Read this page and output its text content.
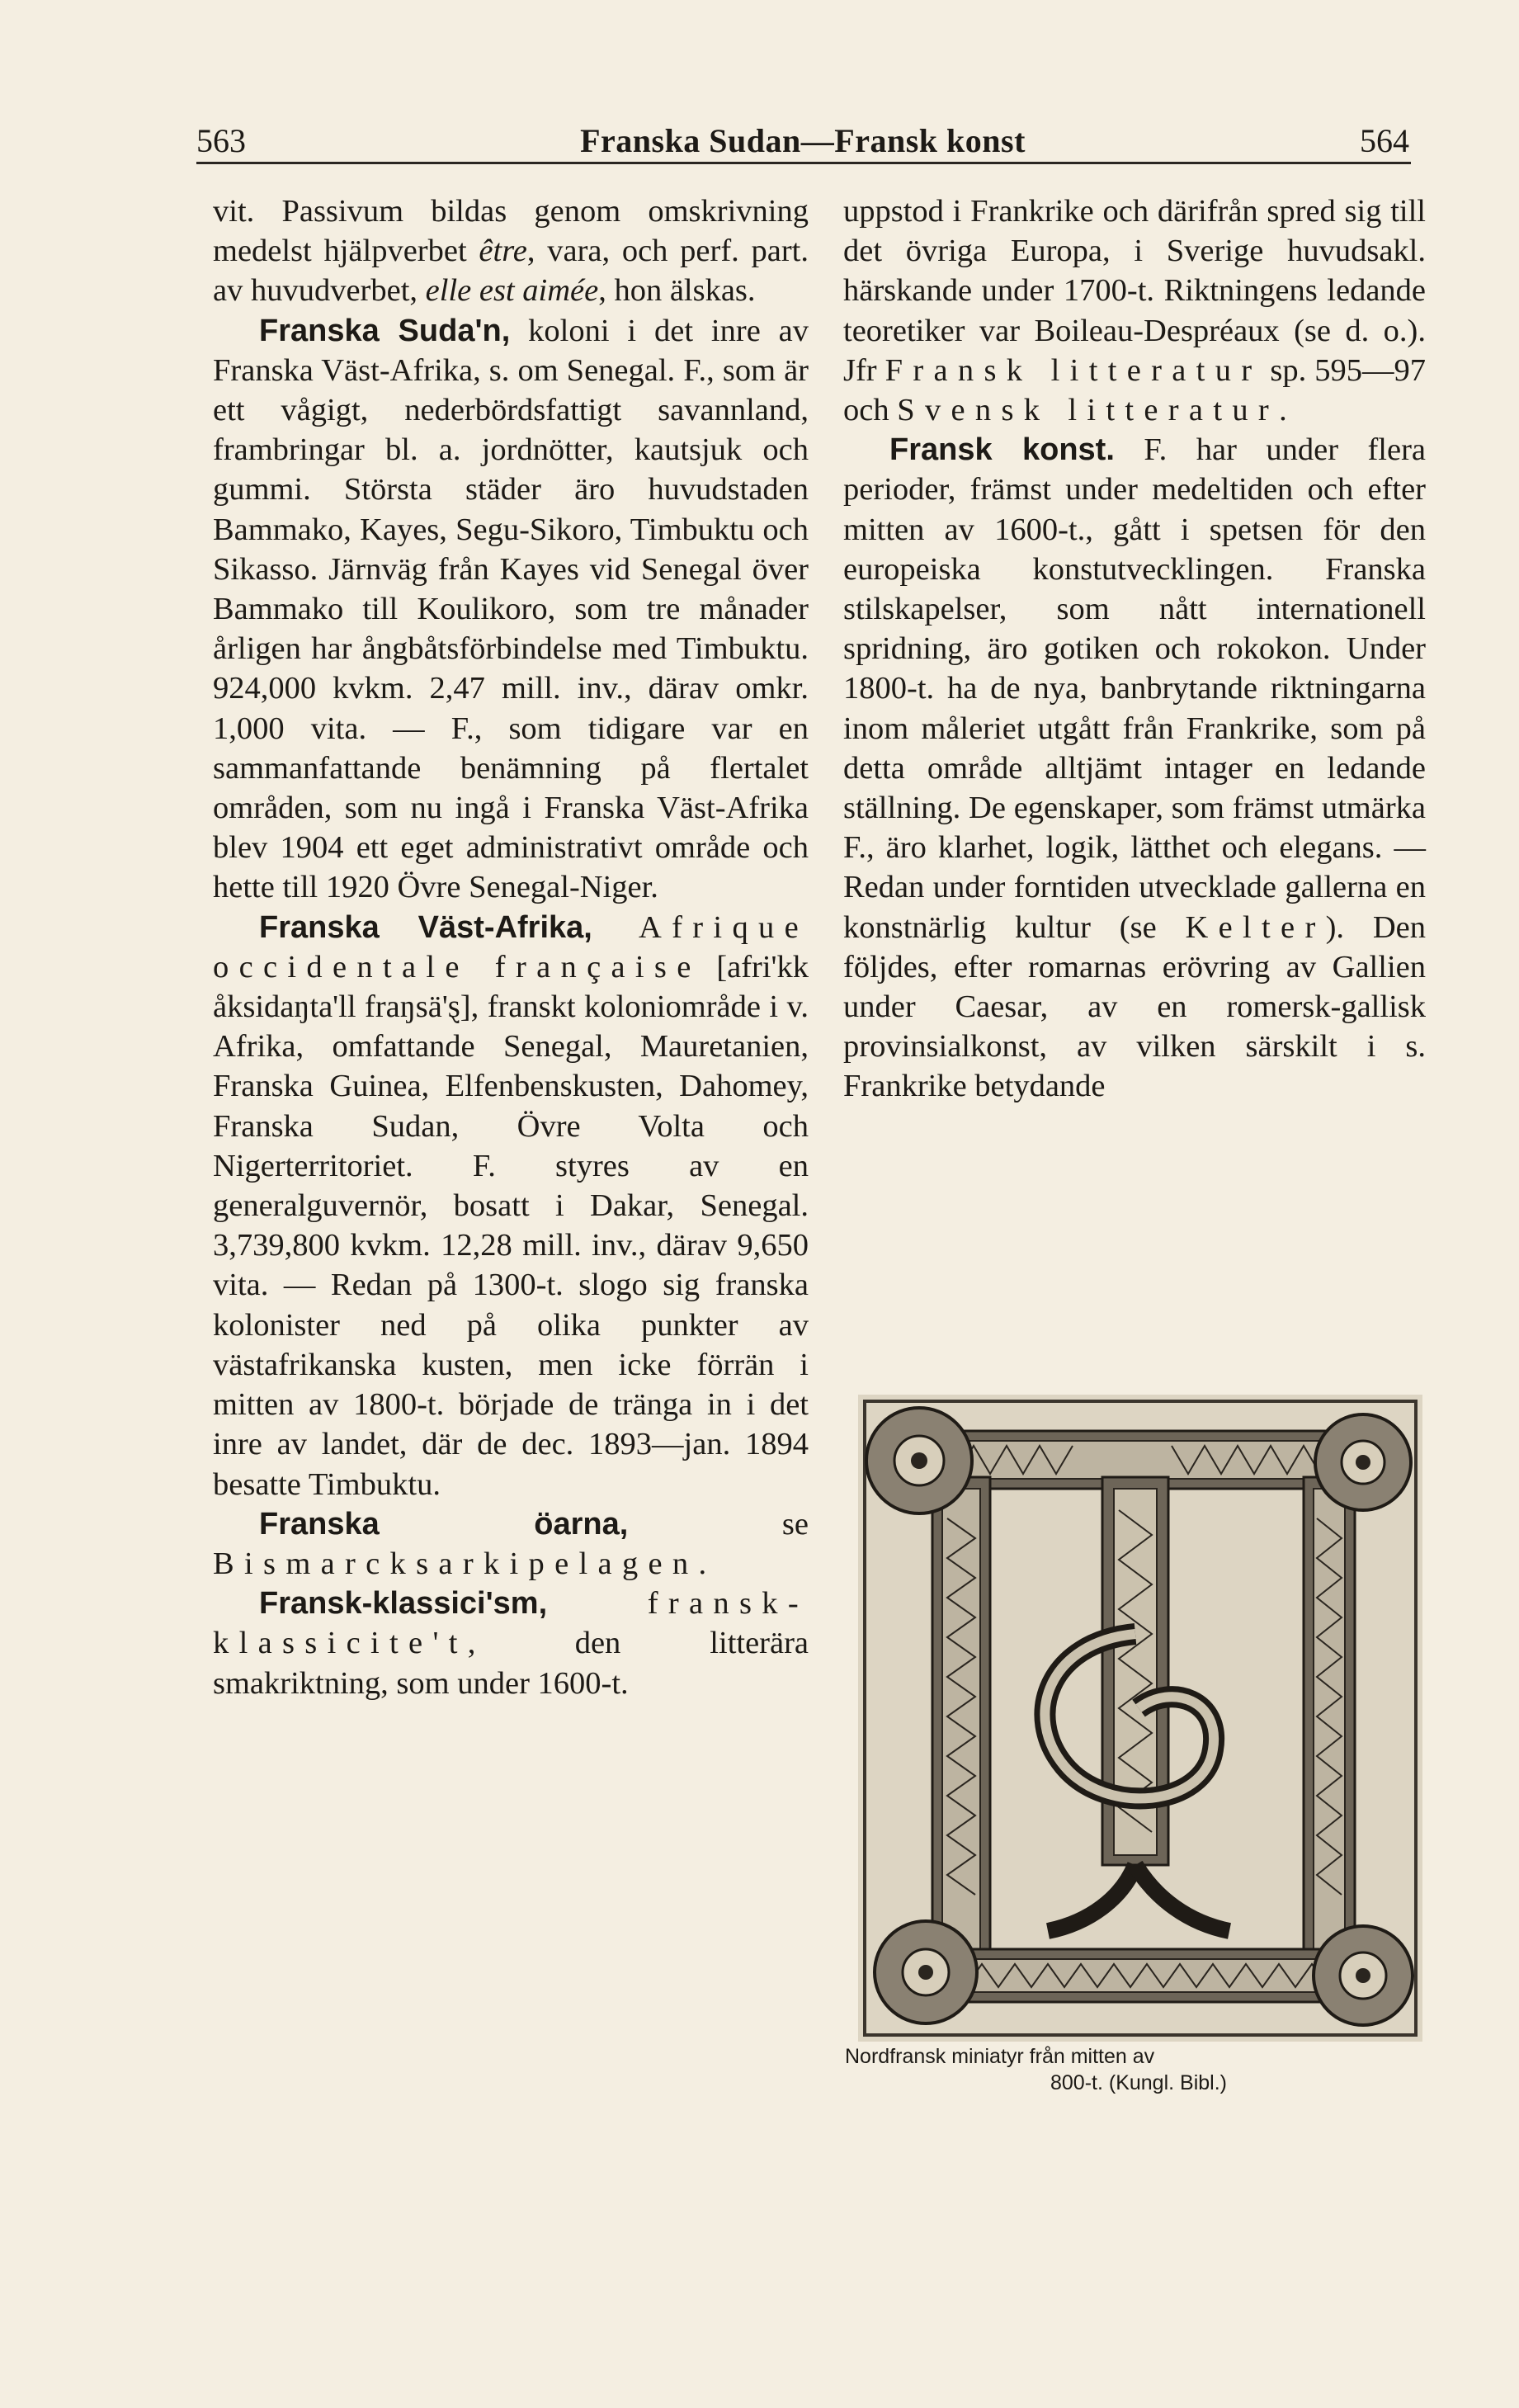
563	Franska Sudan—Fransk konst	564

vit. Passivum bildas genom omskrivning medelst hjälpverbet être, vara, och perf. part. av huvudverbet, elle est aimée, hon älskas.

Franska Suda'n, koloni i det inre av Franska Väst-Afrika, s. om Senegal. F., som är ett vågigt, nederbördsfattigt savannland, frambringar bl. a. jordnötter, kautsjuk och gummi. Största städer äro huvudstaden Bammako, Kayes, Segu-Sikoro, Timbuktu och Sikasso. Järnväg från Kayes vid Senegal över Bammako till Koulikoro, som tre månader årligen har ångbåtsförbindelse med Timbuktu. 924,000 kvkm. 2,47 mill. inv., därav omkr. 1,000 vita. — F., som tidigare var en sammanfattande benämning på flertalet områden, som nu ingå i Franska Väst-Afrika blev 1904 ett eget administrativt område och hette till 1920 Övre Senegal-Niger.

Franska Väst-Afrika, Afrique occidentale française [afri'kk åksidaŋta'll fraŋsä'ȿ], franskt koloniområde i v. Afrika, omfattande Senegal, Mauretanien, Franska Guinea, Elfenbenskusten, Dahomey, Franska Sudan, Övre Volta och Nigerterritoriet. F. styres av en generalguvernör, bosatt i Dakar, Senegal. 3,739,800 kvkm. 12,28 mill. inv., därav 9,650 vita. — Redan på 1300-t. slogo sig franska kolonister ned på olika punkter av västafrikanska kusten, men icke förrän i mitten av 1800-t. började de tränga in i det inre av landet, där de dec. 1893—jan. 1894 besatte Timbuktu.

Franska öarna, se Bismarcksarkipelagen.

Fransk-klassici'sm, fransk-klassicite't, den litterära smakriktning, som under 1600-t.

uppstod i Frankrike och därifrån spred sig till det övriga Europa, i Sverige huvudsakl. härskande under 1700-t. Riktningens ledande teoretiker var Boileau-Despréaux (se d. o.). Jfr Fransk litteratur sp. 595—97 och Svensk litteratur.

Fransk konst. F. har under flera perioder, främst under medeltiden och efter mitten av 1600-t., gått i spetsen för den europeiska konstutvecklingen. Franska stilskapelser, som nått internationell spridning, äro gotiken och rokokon. Under 1800-t. ha de nya, banbrytande riktningarna inom måleriet utgått från Frankrike, som på detta område alltjämt intager en ledande ställning. De egenskaper, som främst utmärka F., äro klarhet, logik, lätthet och elegans. — Redan under forntiden utvecklade gallerna en konstnärlig kultur (se Kelter). Den följdes, efter romarnas erövring av Gallien under Caesar, av en romersk-gallisk provinsialkonst, av vilken särskilt i s. Frankrike betydande

Nordfransk miniatyr från mitten av
800-t. (Kungl. Bibl.)
